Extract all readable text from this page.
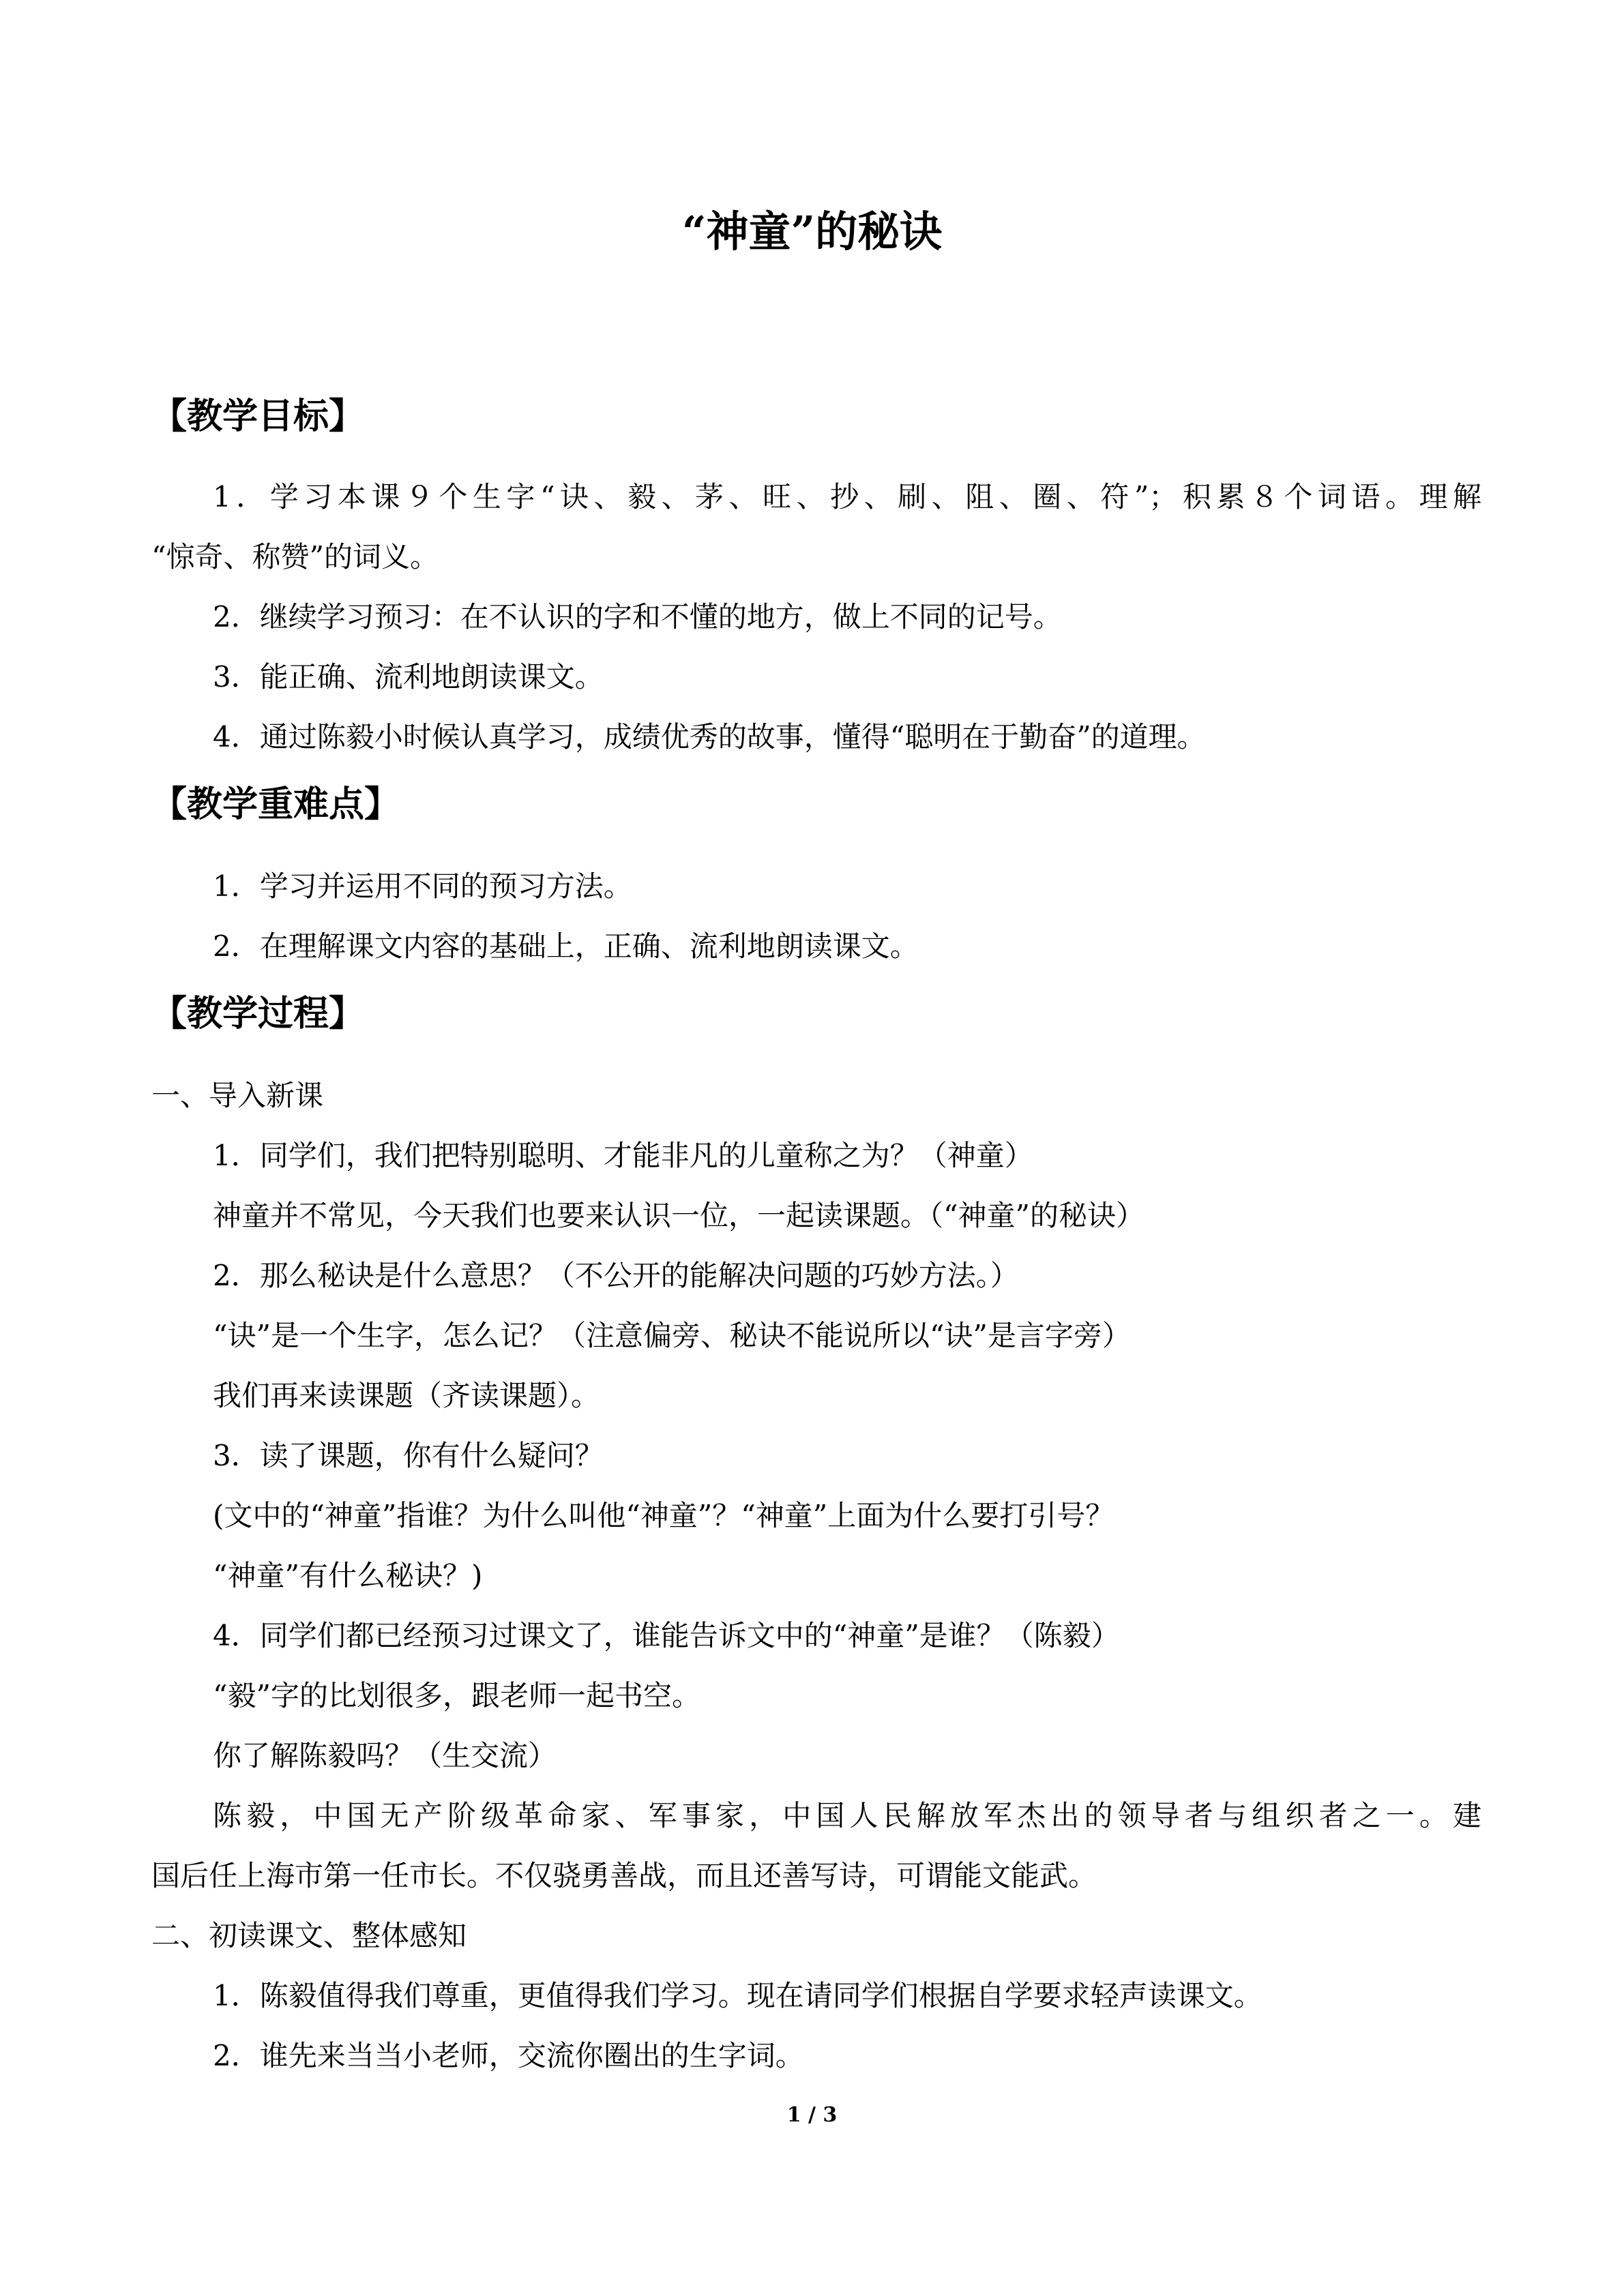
“神童”的秘诀
【教学目标】
1．学习本课９个生字“诀、毅、茅、旺、抄、刷、阻、圈、符”；积累８个词语。理解
“惊奇、称赞”的词义。
2．继续学习预习：在不认识的字和不懂的地方，做上不同的记号。
3．能正确、流利地朗读课文。
4．通过陈毅小时候认真学习，成绩优秀的故事，懂得“聪明在于勤奋”的道理。
【教学重难点】
1．学习并运用不同的预习方法。
2．在理解课文内容的基础上，正确、流利地朗读课文。
【教学过程】
一、导入新课
1．同学们，我们把特别聪明、才能非凡的儿童称之为？（神童）
神童并不常见，今天我们也要来认识一位，一起读课题。（“神童”的秘诀）
2．那么秘诀是什么意思？（不公开的能解决问题的巧妙方法。）
“诀”是一个生字，怎么记？（注意偏旁、秘诀不能说所以“诀”是言字旁）
我们再来读课题（齐读课题）。
3．读了课题，你有什么疑问？
(文中的“神童”指谁？为什么叫他“神童”？“神童”上面为什么要打引号？
“神童”有什么秘诀？)
4．同学们都已经预习过课文了，谁能告诉文中的“神童”是谁？（陈毅）
“毅”字的比划很多，跟老师一起书空。
你了解陈毅吗？（生交流）
陈毅，中国无产阶级革命家、军事家，中国人民解放军杰出的领导者与组织者之一。建
国后任上海市第一任市长。不仅骁勇善战，而且还善写诗，可谓能文能武。
二、初读课文、整体感知
1．陈毅值得我们尊重，更值得我们学习。现在请同学们根据自学要求轻声读课文。
2．谁先来当当小老师，交流你圈出的生字词。
1 / 3
